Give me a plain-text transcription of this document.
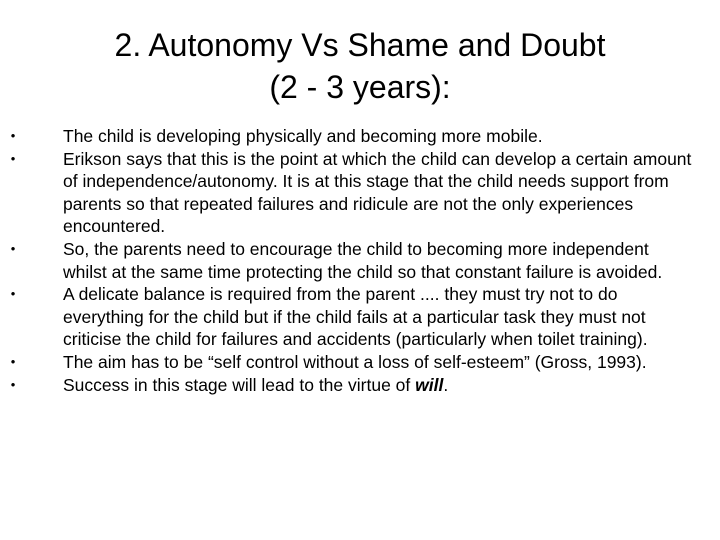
2. Autonomy Vs Shame and Doubt
(2 - 3 years):
•	The child is developing physically and becoming more mobile.
•	Erikson says that this is the point at which the child can develop a certain amount of independence/autonomy. It is at this stage that the child needs support from parents so that repeated failures and ridicule are not the only experiences encountered.
•	So, the parents need to encourage the child to becoming more independent whilst at the same time protecting the child so that constant failure is avoided.
•	A delicate balance is required from the parent .... they must try not to do everything for the child but if the child fails at a particular task they must not criticise the child for failures and accidents (particularly when toilet training).
•	The aim has to be “self control without a loss of self-esteem” (Gross, 1993).
•	Success in this stage will lead to the virtue of will.
